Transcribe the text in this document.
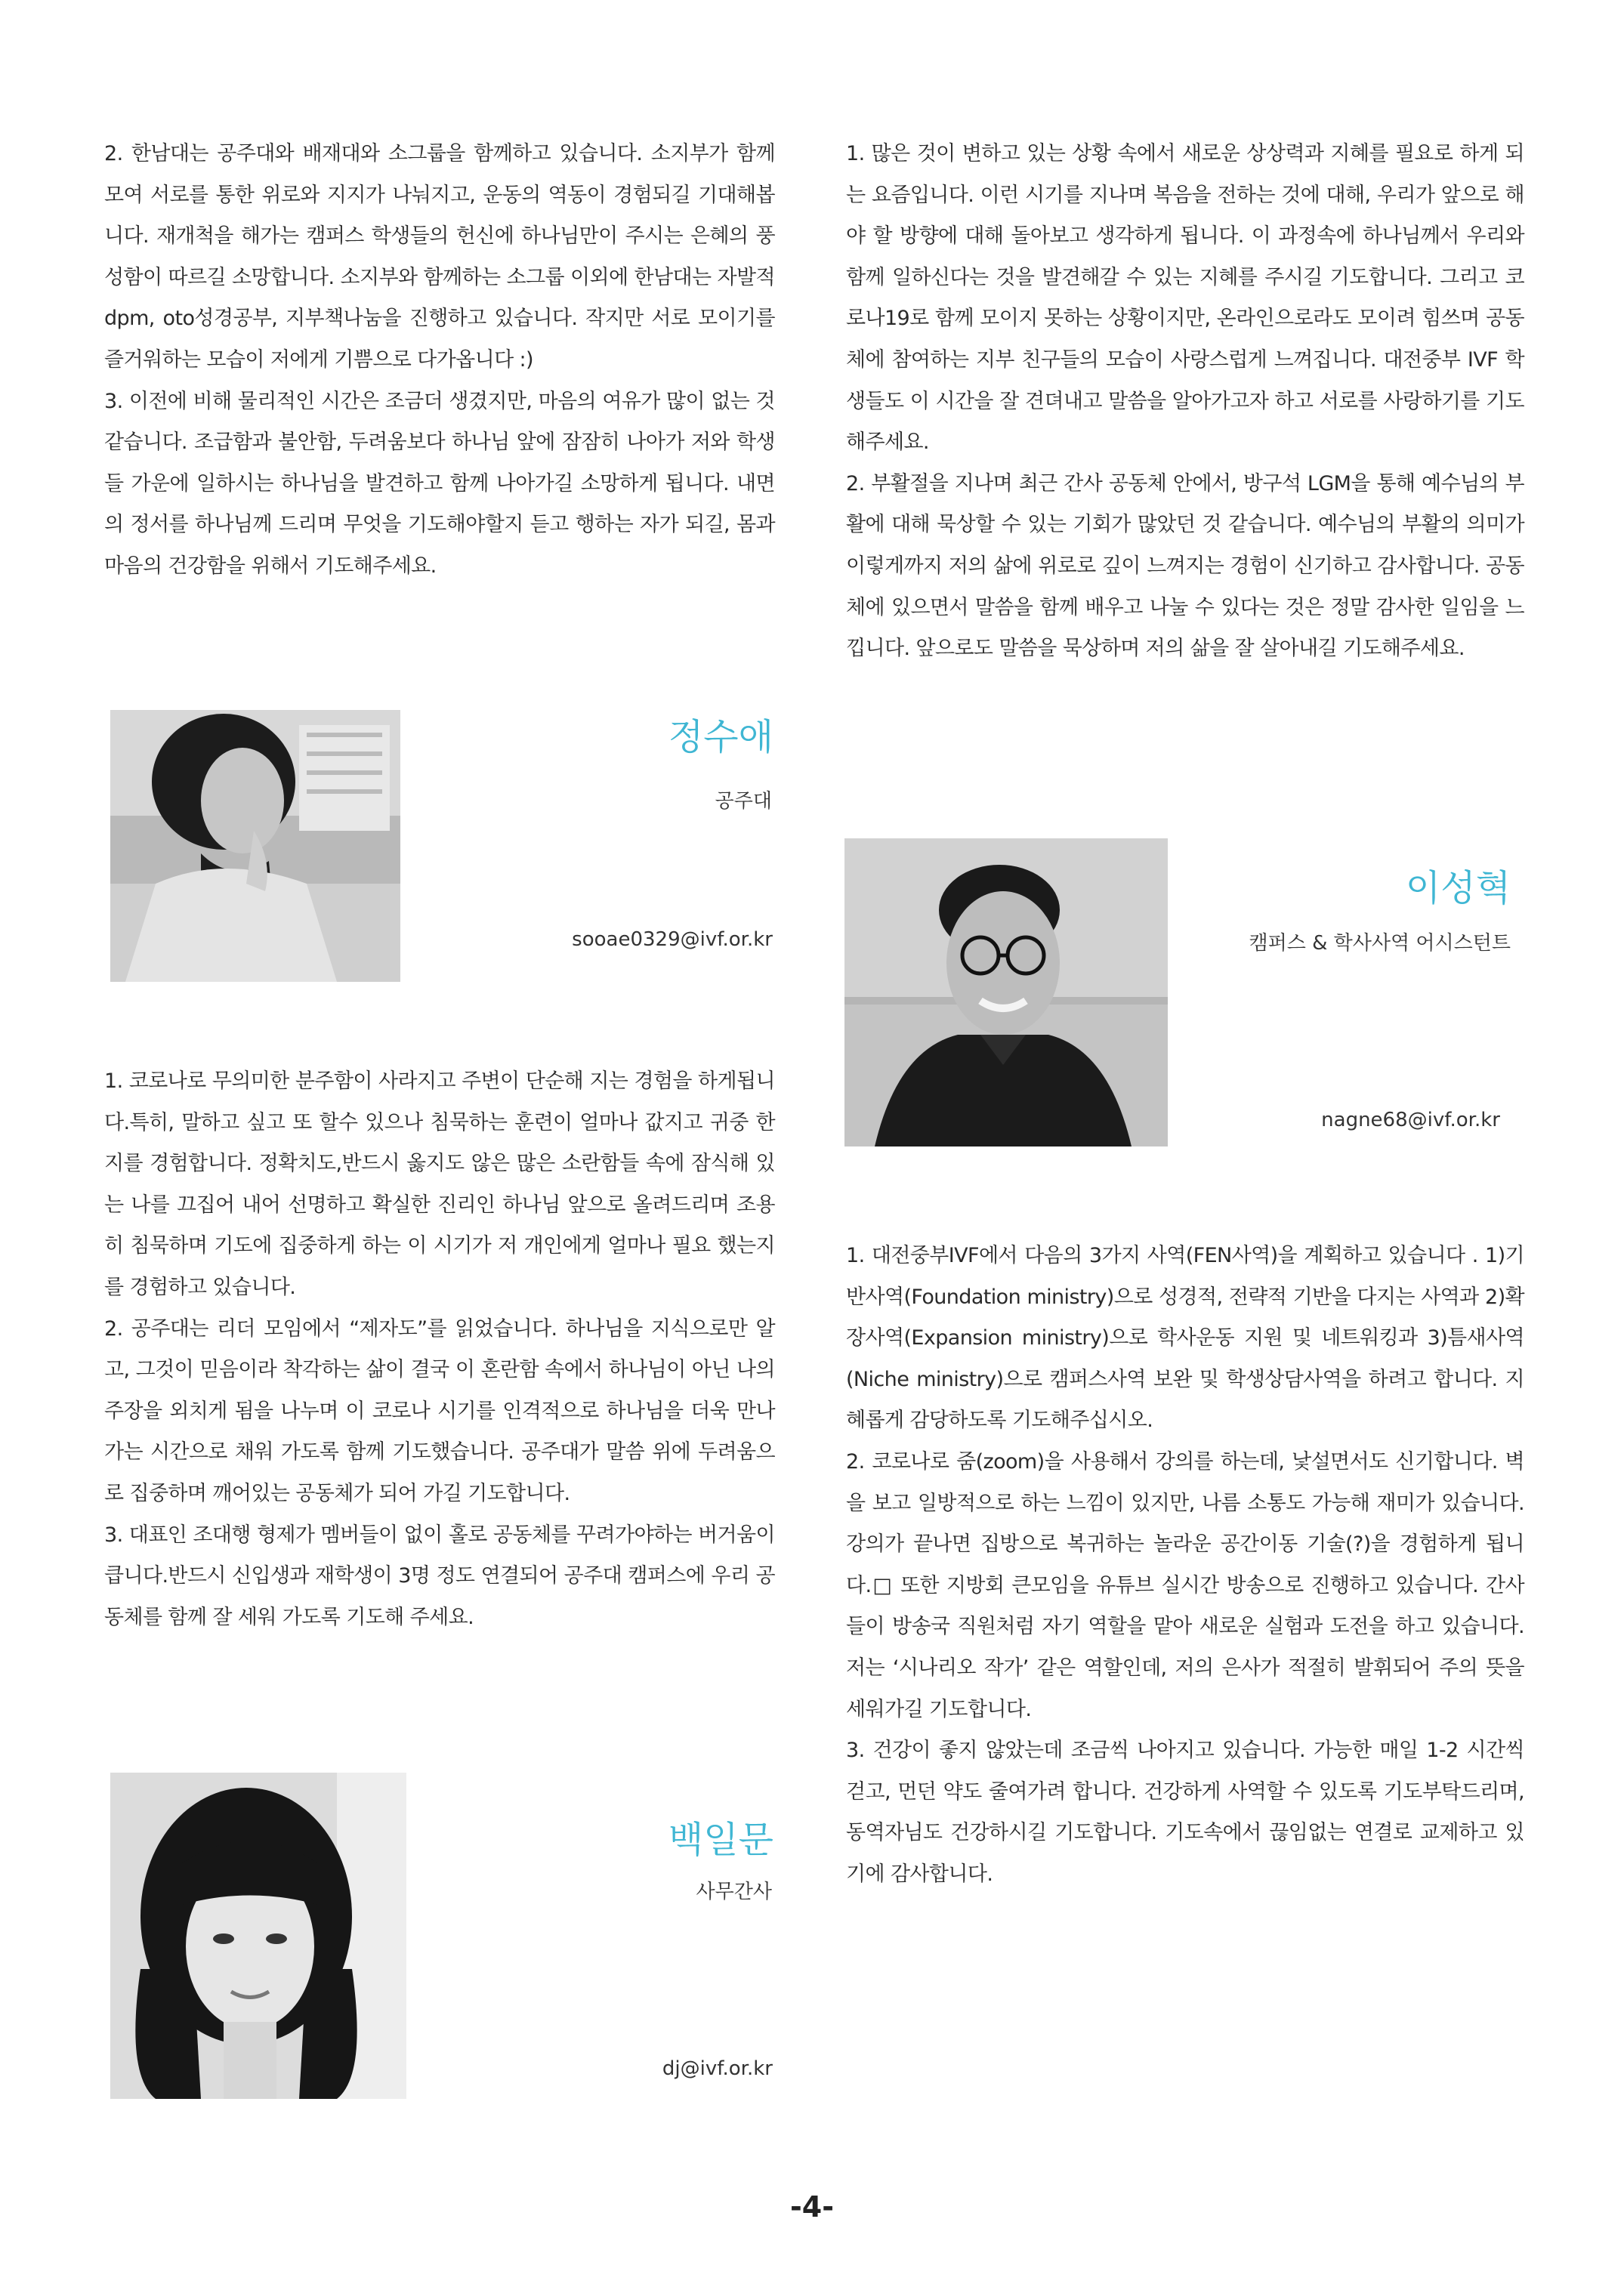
2. 한남대는 공주대와 배재대와 소그룹을 함께하고 있습니다. 소지부가 함께 모여 서로를 통한 위로와 지지가 나눠지고, 운동의 역동이 경험되길 기대해봅니다. 재개척을 해가는 캠퍼스 학생들의 헌신에 하나님만이 주시는 은혜의 풍성함이 따르길 소망합니다. 소지부와 함께하는 소그룹 이외에 한남대는 자발적 dpm, oto성경공부, 지부책나눔을 진행하고 있습니다. 작지만 서로 모이기를 즐거워하는 모습이 저에게 기쁨으로 다가옵니다 :)

3. 이전에 비해 물리적인 시간은 조금더 생겼지만, 마음의 여유가 많이 없는 것 같습니다. 조급함과 불안함, 두려움보다 하나님 앞에 잠잠히 나아가 저와 학생들 가운에 일하시는 하나님을 발견하고 함께 나아가길 소망하게 됩니다. 내면의 정서를 하나님께 드리며 무엇을 기도해야할지 듣고 행하는 자가 되길, 몸과 마음의 건강함을 위해서 기도해주세요.

정수애
공주대
sooae0329@ivf.or.kr

1. 코로나로 무의미한 분주함이 사라지고 주변이 단순해 지는 경험을 하게됩니다.특히, 말하고 싶고 또 할수 있으나 침묵하는 훈련이 얼마나 값지고 귀중 한지를 경험합니다. 정확치도,반드시 옳지도 않은 많은 소란함들 속에 잠식해 있는 나를 끄집어 내어 선명하고 확실한 진리인 하나님 앞으로 올려드리며 조용히 침묵하며 기도에 집중하게 하는 이 시기가 저 개인에게 얼마나 필요 했는지를 경험하고 있습니다.

2. 공주대는 리더 모임에서 “제자도”를 읽었습니다. 하나님을 지식으로만 알고, 그것이 믿음이라 착각하는 삶이 결국 이 혼란함 속에서 하나님이 아닌 나의 주장을 외치게 됨을 나누며 이 코로나 시기를 인격적으로 하나님을 더욱 만나가는 시간으로 채워 가도록 함께 기도했습니다. 공주대가 말씀 위에 두려움으로 집중하며 깨어있는 공동체가 되어 가길 기도합니다.

3. 대표인 조대행 형제가 멤버들이 없이 홀로 공동체를 꾸려가야하는 버거움이 큽니다.반드시 신입생과 재학생이 3명 정도 연결되어 공주대 캠퍼스에 우리 공동체를 함께 잘 세워 가도록 기도해 주세요.

백일문
사무간사
dj@ivf.or.kr

1. 많은 것이 변하고 있는 상황 속에서 새로운 상상력과 지혜를 필요로 하게 되는 요즘입니다. 이런 시기를 지나며 복음을 전하는 것에 대해, 우리가 앞으로 해야 할 방향에 대해 돌아보고 생각하게 됩니다. 이 과정속에 하나님께서 우리와 함께 일하신다는 것을 발견해갈 수 있는 지혜를 주시길 기도합니다. 그리고 코로나19로 함께 모이지 못하는 상황이지만, 온라인으로라도 모이려 힘쓰며 공동체에 참여하는 지부 친구들의 모습이 사랑스럽게 느껴집니다. 대전중부 IVF 학생들도 이 시간을 잘 견뎌내고 말씀을 알아가고자 하고 서로를 사랑하기를 기도해주세요.

2. 부활절을 지나며 최근 간사 공동체 안에서, 방구석 LGM을 통해 예수님의 부활에 대해 묵상할 수 있는 기회가 많았던 것 같습니다. 예수님의 부활의 의미가 이렇게까지 저의 삶에 위로로 깊이 느껴지는 경험이 신기하고 감사합니다. 공동체에 있으면서 말씀을 함께 배우고 나눌 수 있다는 것은 정말 감사한 일임을 느낍니다. 앞으로도 말씀을 묵상하며 저의 삶을 잘 살아내길 기도해주세요.

이성혁
캠퍼스 & 학사사역 어시스턴트
nagne68@ivf.or.kr

1. 대전중부IVF에서 다음의 3가지 사역(FEN사역)을 계획하고 있습니다 . 1)기반사역(Foundation ministry)으로 성경적, 전략적 기반을 다지는 사역과 2)확장사역(Expansion ministry)으로 학사운동 지원 및 네트워킹과 3)틈새사역(Niche ministry)으로 캠퍼스사역 보완 및 학생상담사역을 하려고 합니다. 지혜롭게 감당하도록 기도해주십시오.

2. 코로나로 줌(zoom)을 사용해서 강의를 하는데, 낯설면서도 신기합니다. 벽을 보고 일방적으로 하는 느낌이 있지만, 나름 소통도 가능해 재미가 있습니다. 강의가 끝나면 집방으로 복귀하는 놀라운 공간이동 기술(?)을 경험하게 됩니다.□ 또한 지방회 큰모임을 유튜브 실시간 방송으로 진행하고 있습니다. 간사들이 방송국 직원처럼 자기 역할을 맡아 새로운 실험과 도전을 하고 있습니다. 저는 ‘시나리오 작가’ 같은 역할인데, 저의 은사가 적절히 발휘되어 주의 뜻을 세워가길 기도합니다.

3. 건강이 좋지 않았는데 조금씩 나아지고 있습니다. 가능한 매일 1-2 시간씩 걷고, 먼던 약도 줄여가려 합니다. 건강하게 사역할 수 있도록 기도부탁드리며, 동역자님도 건강하시길 기도합니다. 기도속에서 끊임없는 연결로 교제하고 있기에 감사합니다.

-4-
